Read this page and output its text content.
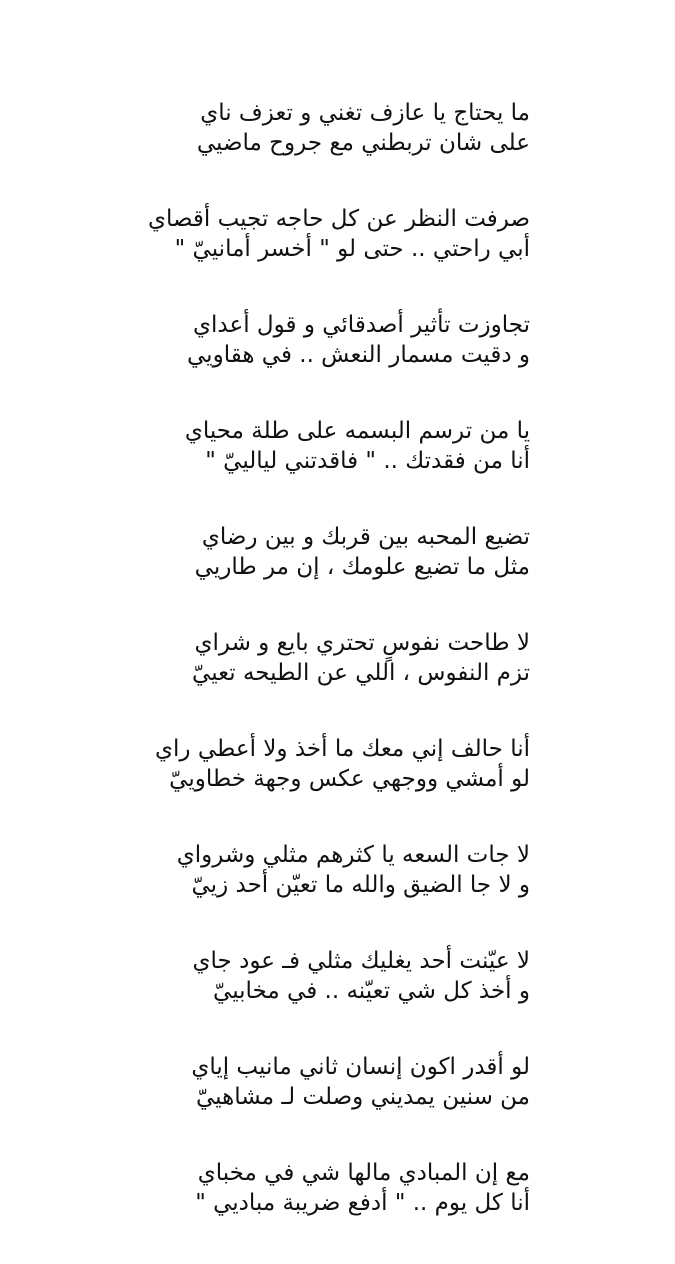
ما يحتاج يا عازف تغني و تعزف ناي
على شان تربطني مع جروح ماضيي
صرفت النظر عن كل حاجه تجيب أقصاي
أبي راحتي .. حتى لو " أخسر أمانييّ "
تجاوزت تأثير أصدقائي و قول أعداي
و دقيت مسمار النعش .. في هقاويي
يا من ترسم البسمه على طلة محياي
أنا من فقدتك .. " فاقدتني ليالييّ "
تضيع المحبه بين قربك و بين رضاي
مثل ما تضيع علومك ، إن مر طاريي
لا طاحت نفوسٍ تحتري بايع و شراي
تزم النفوس ، اللي عن الطيحه تعييّ
أنا حالف إني معك ما أخذ ولا أعطي راي
لو أمشي ووجهي عكس وجهة خطاوييّ
لا جات السعه يا كثرهم مثلي وشرواي
و لا جا الضيق والله ما تعيّن أحد زييّ
لا عيّنت أحد يغليك مثلي فـ عود جاي
و أخذ كل شي تعيّنه .. في مخابييّ
لو أقدر اكون إنسان ثاني مانيب إياي
من سنين يمديني وصلت لـ مشاهييّ
مع إن المبادي مالها شي في مخباي
أنا كل يوم .. " أدفع ضريبة مباديي "
